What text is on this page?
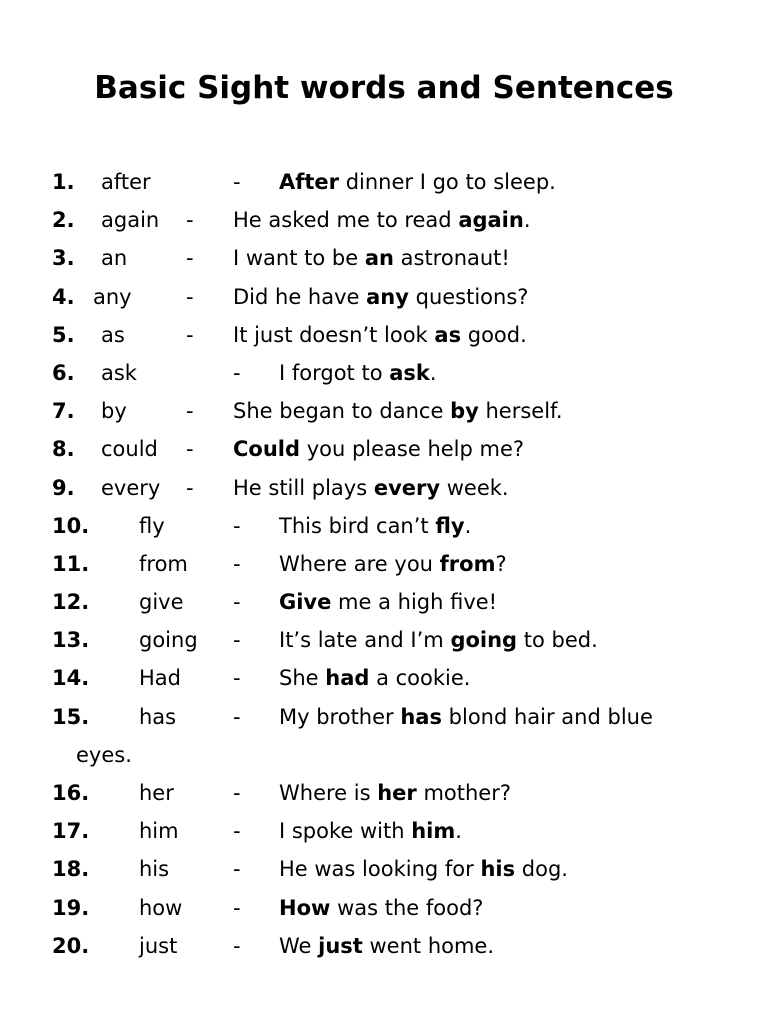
Basic Sight words and Sentences
1. after	- After dinner I go to sleep.
2. again - He asked me to read again.
3. an	- I want to be an astronaut!
4. any	- Did he have any questions?
5. as	- It just doesn’t look as good.
6. ask	- I forgot to ask.
7. by	- She began to dance by herself.
8. could - Could you please help me?
9. every - He still plays every week.
10. fly	- This bird can’t fly.
11. from - Where are you from?
12. give - Give me a high five!
13. going - It’s late and I’m going to bed.
14. Had - She had a cookie.
15. has	- My brother has blond hair and blue
eyes.
16. her	- Where is her mother?
17. him	- I spoke with him.
18. his	- He was looking for his dog.
19. how - How was the food?
20. just	- We just went home.
